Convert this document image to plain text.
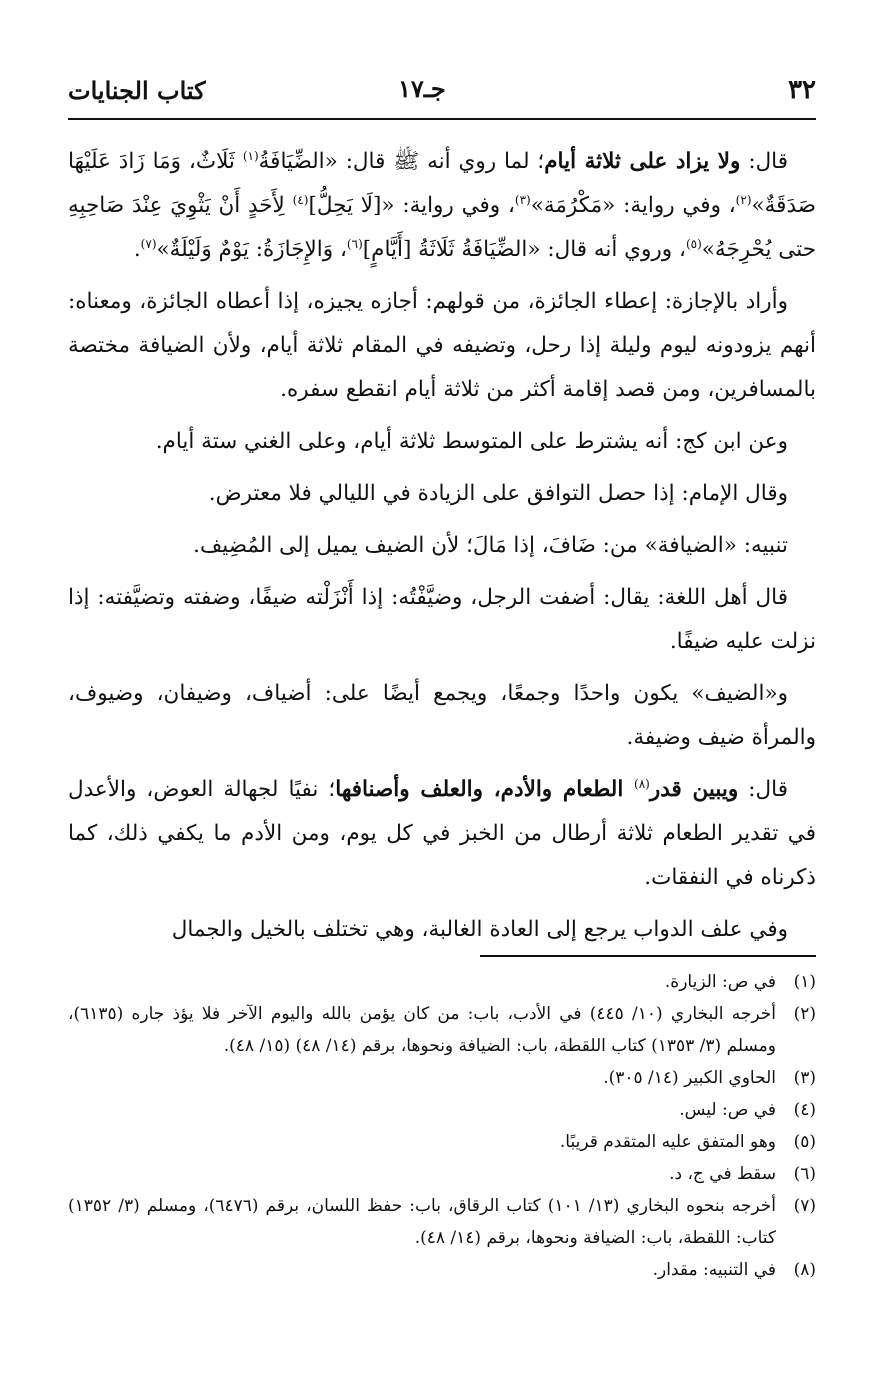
٣٢
جـ١٧
كتاب الجنايات

قال: ولا يزاد على ثلاثة أيام؛ لما روي أنه ﷺ قال: «الضِّيَافَةُ$^{(١)}$ ثَلَاثٌ، وَمَا زَادَ عَلَيْهَا صَدَقَةٌ»$^{(٢)}$، وفي رواية: «مَكْرُمَة»$^{(٣)}$، وفي رواية: «[لَا يَحِلُّ]$^{(٤)}$ لِأَحَدٍ أَنْ يَثْوِيَ عِنْدَ صَاحِبِهِ حتى يُحْرِجَهُ»$^{(٥)}$، وروي أنه قال: «الضِّيَافَةُ ثَلَاثَةُ [أَيَّامٍ]$^{(٦)}$، وَالإِجَازَةُ: يَوْمٌ وَلَيْلَةٌ»$^{(٧)}$.

وأراد بالإجازة: إعطاء الجائزة، من قولهم: أجازه يجيزه، إذا أعطاه الجائزة، ومعناه: أنهم يزودونه ليوم وليلة إذا رحل، وتضيفه في المقام ثلاثة أيام، ولأن الضيافة مختصة بالمسافرين، ومن قصد إقامة أكثر من ثلاثة أيام انقطع سفره.

وعن ابن كج: أنه يشترط على المتوسط ثلاثة أيام، وعلى الغني ستة أيام.

وقال الإمام: إذا حصل التوافق على الزيادة في الليالي فلا معترض.

تنبيه: «الضيافة» من: ضَافَ، إذا مَالَ؛ لأن الضيف يميل إلى المُضِيف.

قال أهل اللغة: يقال: أضفت الرجل، وضيَّفْتُه: إذا أَنْزَلْته ضيفًا، وضفته وتضيَّفته: إذا نزلت عليه ضيفًا.

و«الضيف» يكون واحدًا وجمعًا، ويجمع أيضًا على: أضياف، وضيفان، وضيوف، والمرأة ضيف وضيفة.

قال: ويبين قدر$^{(٨)}$ الطعام والأدم، والعلف وأصنافها؛ نفيًا لجهالة العوض، والأعدل في تقدير الطعام ثلاثة أرطال من الخبز في كل يوم، ومن الأدم ما يكفي ذلك، كما ذكرناه في النفقات.

وفي علف الدواب يرجع إلى العادة الغالبة، وهي تختلف بالخيل والجمال

(١)
في ص: الزيارة.
(٢)
أخرجه البخاري (١٠/ ٤٤٥) في الأدب، باب: من كان يؤمن بالله واليوم الآخر فلا يؤذ جاره (٦١٣٥)، ومسلم (٣/ ١٣٥٣) كتاب اللقطة، باب: الضيافة ونحوها، برقم (١٤/ ٤٨) (١٥/ ٤٨).
(٣)
الحاوي الكبير (١٤/ ٣٠٥).
(٤)
في ص: ليس.
(٥)
وهو المتفق عليه المتقدم قريبًا.
(٦)
سقط في ج، د.
(٧)
أخرجه بنحوه البخاري (١٣/ ١٠١) كتاب الرقاق، باب: حفظ اللسان، برقم (٦٤٧٦)، ومسلم (٣/ ١٣٥٢) كتاب: اللقطة، باب: الضيافة ونحوها، برقم (١٤/ ٤٨).
(٨)
في التنبيه: مقدار.
